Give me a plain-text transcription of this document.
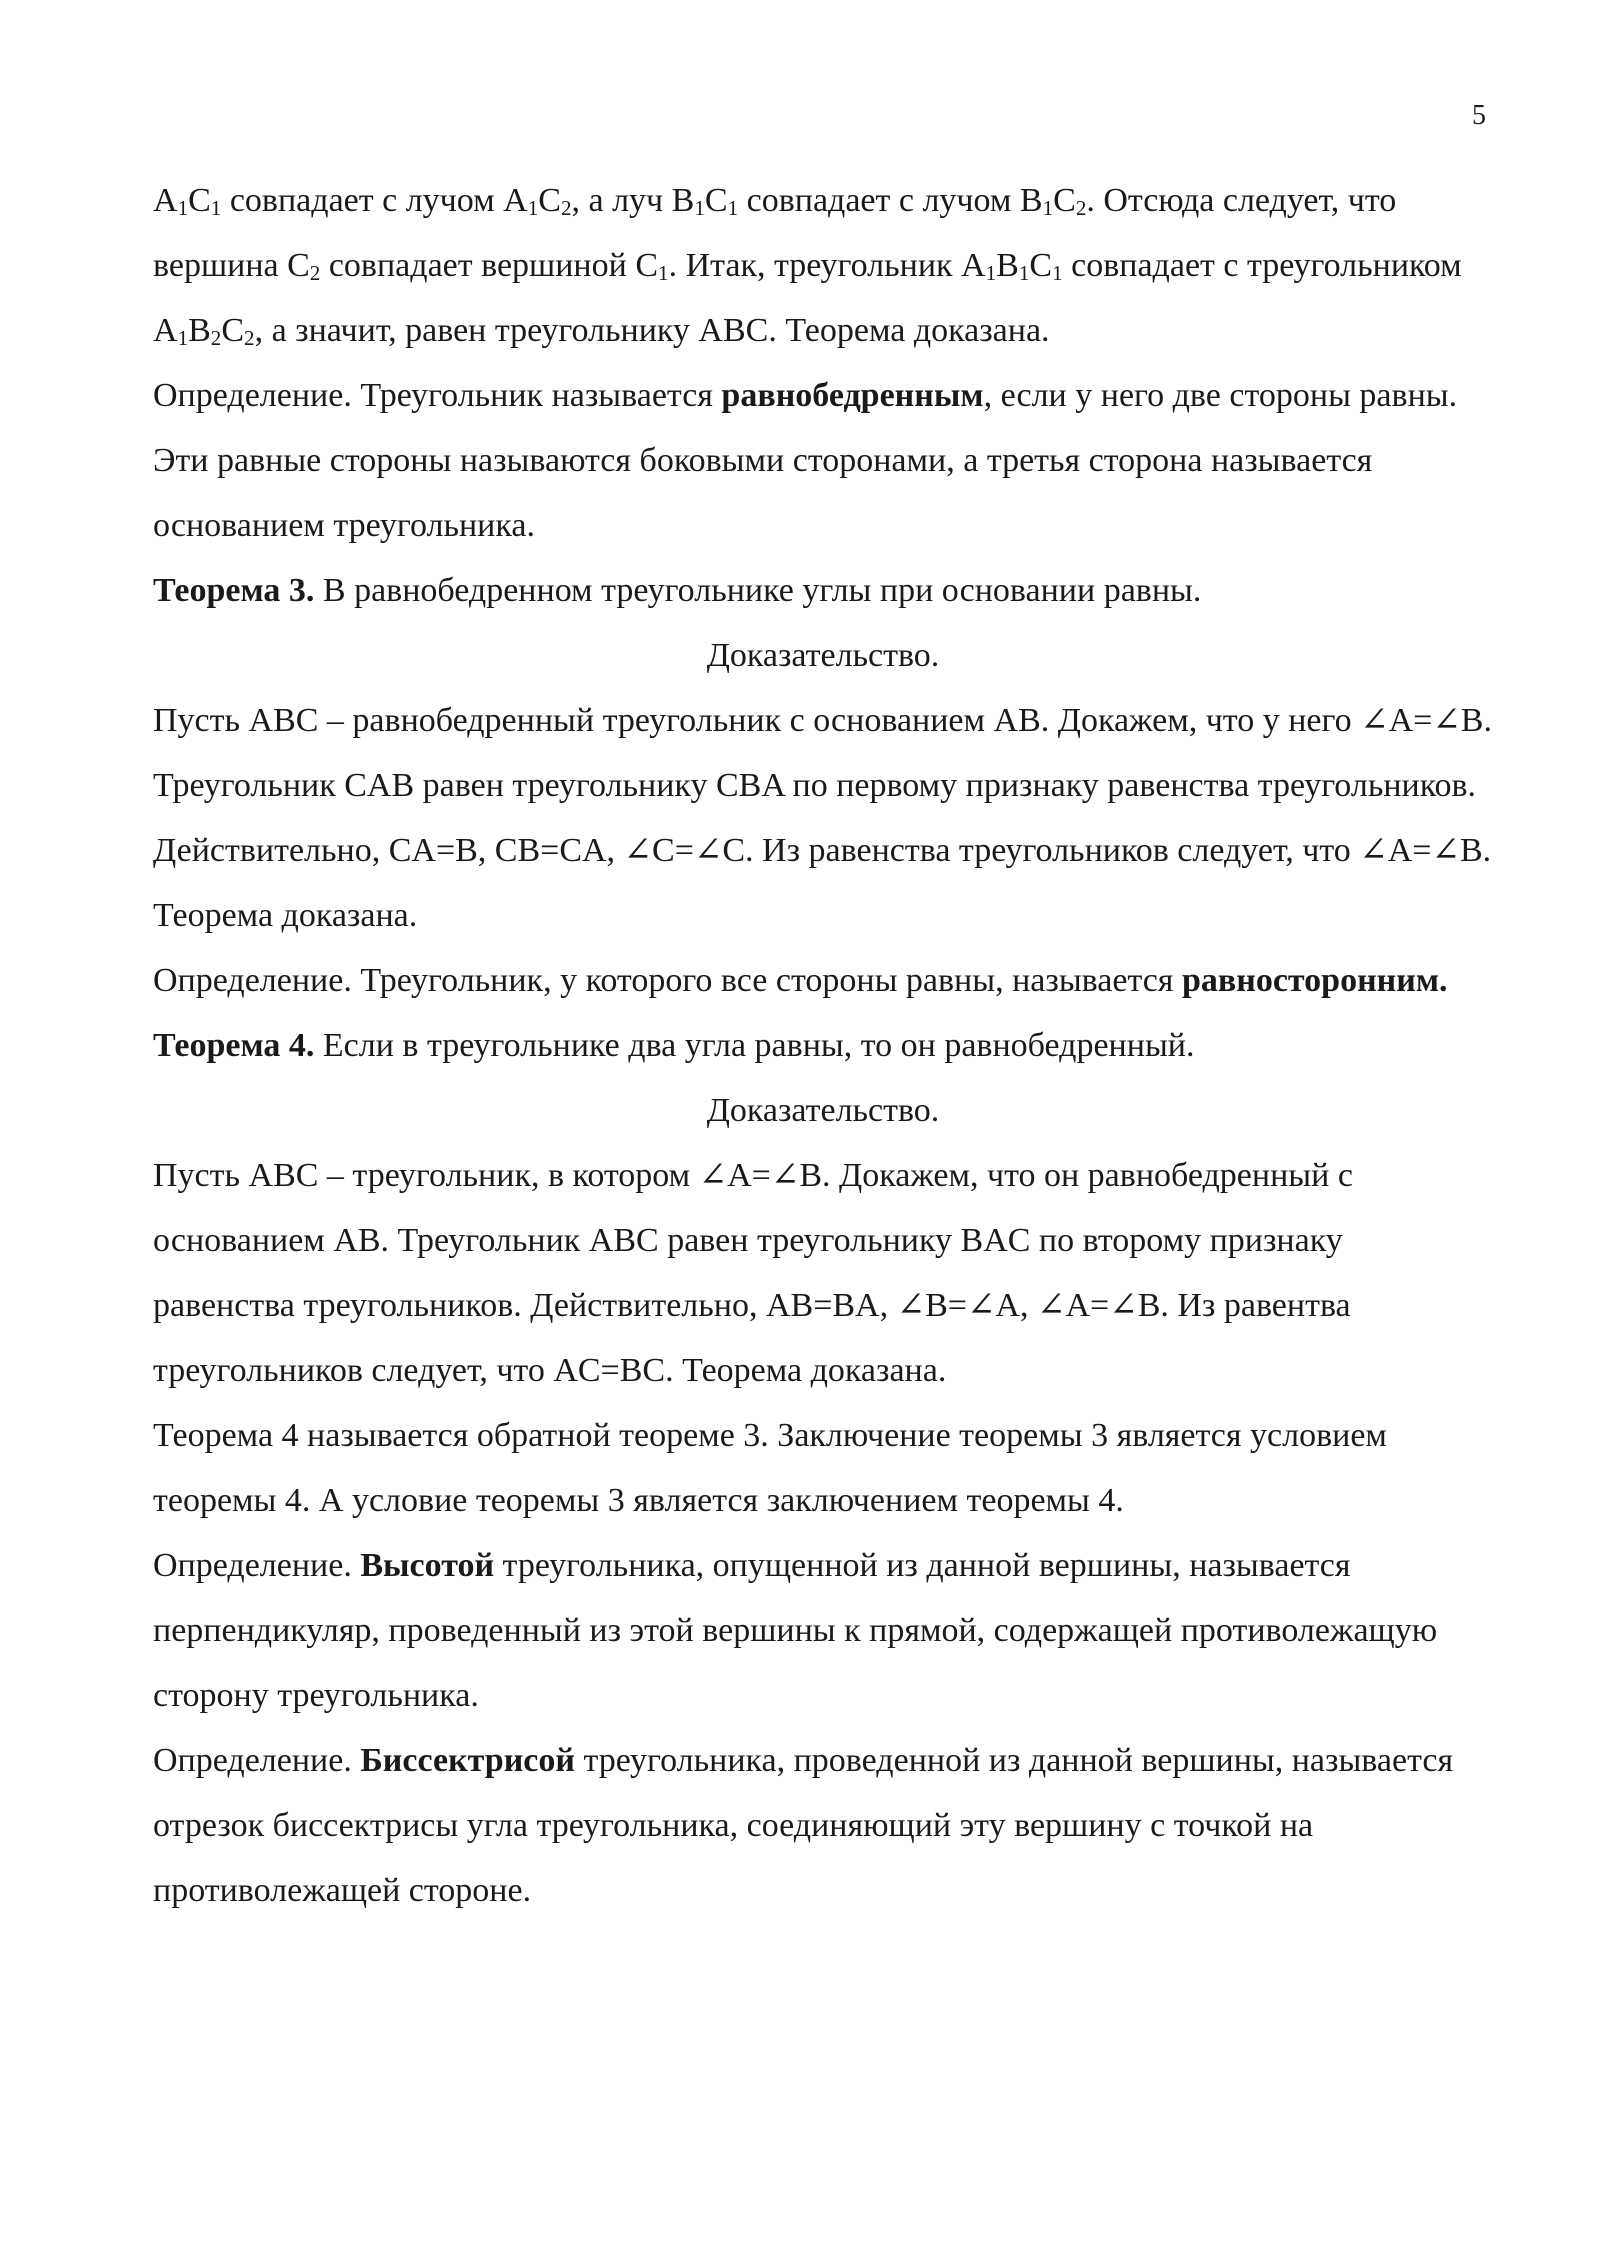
5

$A_1C_1$ совпадает с лучом $A_1C_2$, а луч $B_1C_1$ совпадает с лучом $B_1C_2$. Отсюда следует, что вершина $C_2$ совпадает вершиной $C_1$. Итак, треугольник $A_1B_1C_1$ совпадает с треугольником $A_1B_2C_2$, а значит, равен треугольнику ABC. Теорема доказана.

Определение. Треугольник называется равнобедренным, если у него две стороны равны. Эти равные стороны называются боковыми сторонами, а третья сторона называется основанием треугольника.

Теорема 3. В равнобедренном треугольнике углы при основании равны.

Доказательство.

Пусть ABC – равнобедренный треугольник с основанием AB. Докажем, что у него ∠A=∠B. Треугольник CAB равен треугольнику CBA по первому признаку равенства треугольников. Действительно, CA=B, CB=CA, ∠C=∠C. Из равенства треугольников следует, что ∠A=∠B. Теорема доказана.

Определение. Треугольник, у которого все стороны равны, называется равносторонним.

Теорема 4. Если в треугольнике два угла равны, то он равнобедренный.

Доказательство.

Пусть ABC – треугольник, в котором ∠A=∠B. Докажем, что он равнобедренный с основанием AB. Треугольник ABC равен треугольнику BAC по второму признаку равенства треугольников. Действительно, AB=BA, ∠B=∠A, ∠A=∠B. Из равентва треугольников следует, что AC=BC. Теорема доказана.

Теорема 4 называется обратной теореме 3. Заключение теоремы 3 является условием теоремы 4. А условие теоремы 3 является заключением теоремы 4.

Определение. Высотой треугольника, опущенной из данной вершины, называется перпендикуляр, проведенный из этой вершины к прямой, содержащей противолежащую сторону треугольника.

Определение. Биссектрисой треугольника, проведенной из данной вершины, называется отрезок биссектрисы угла треугольника, соединяющий эту вершину с точкой на противолежащей стороне.
